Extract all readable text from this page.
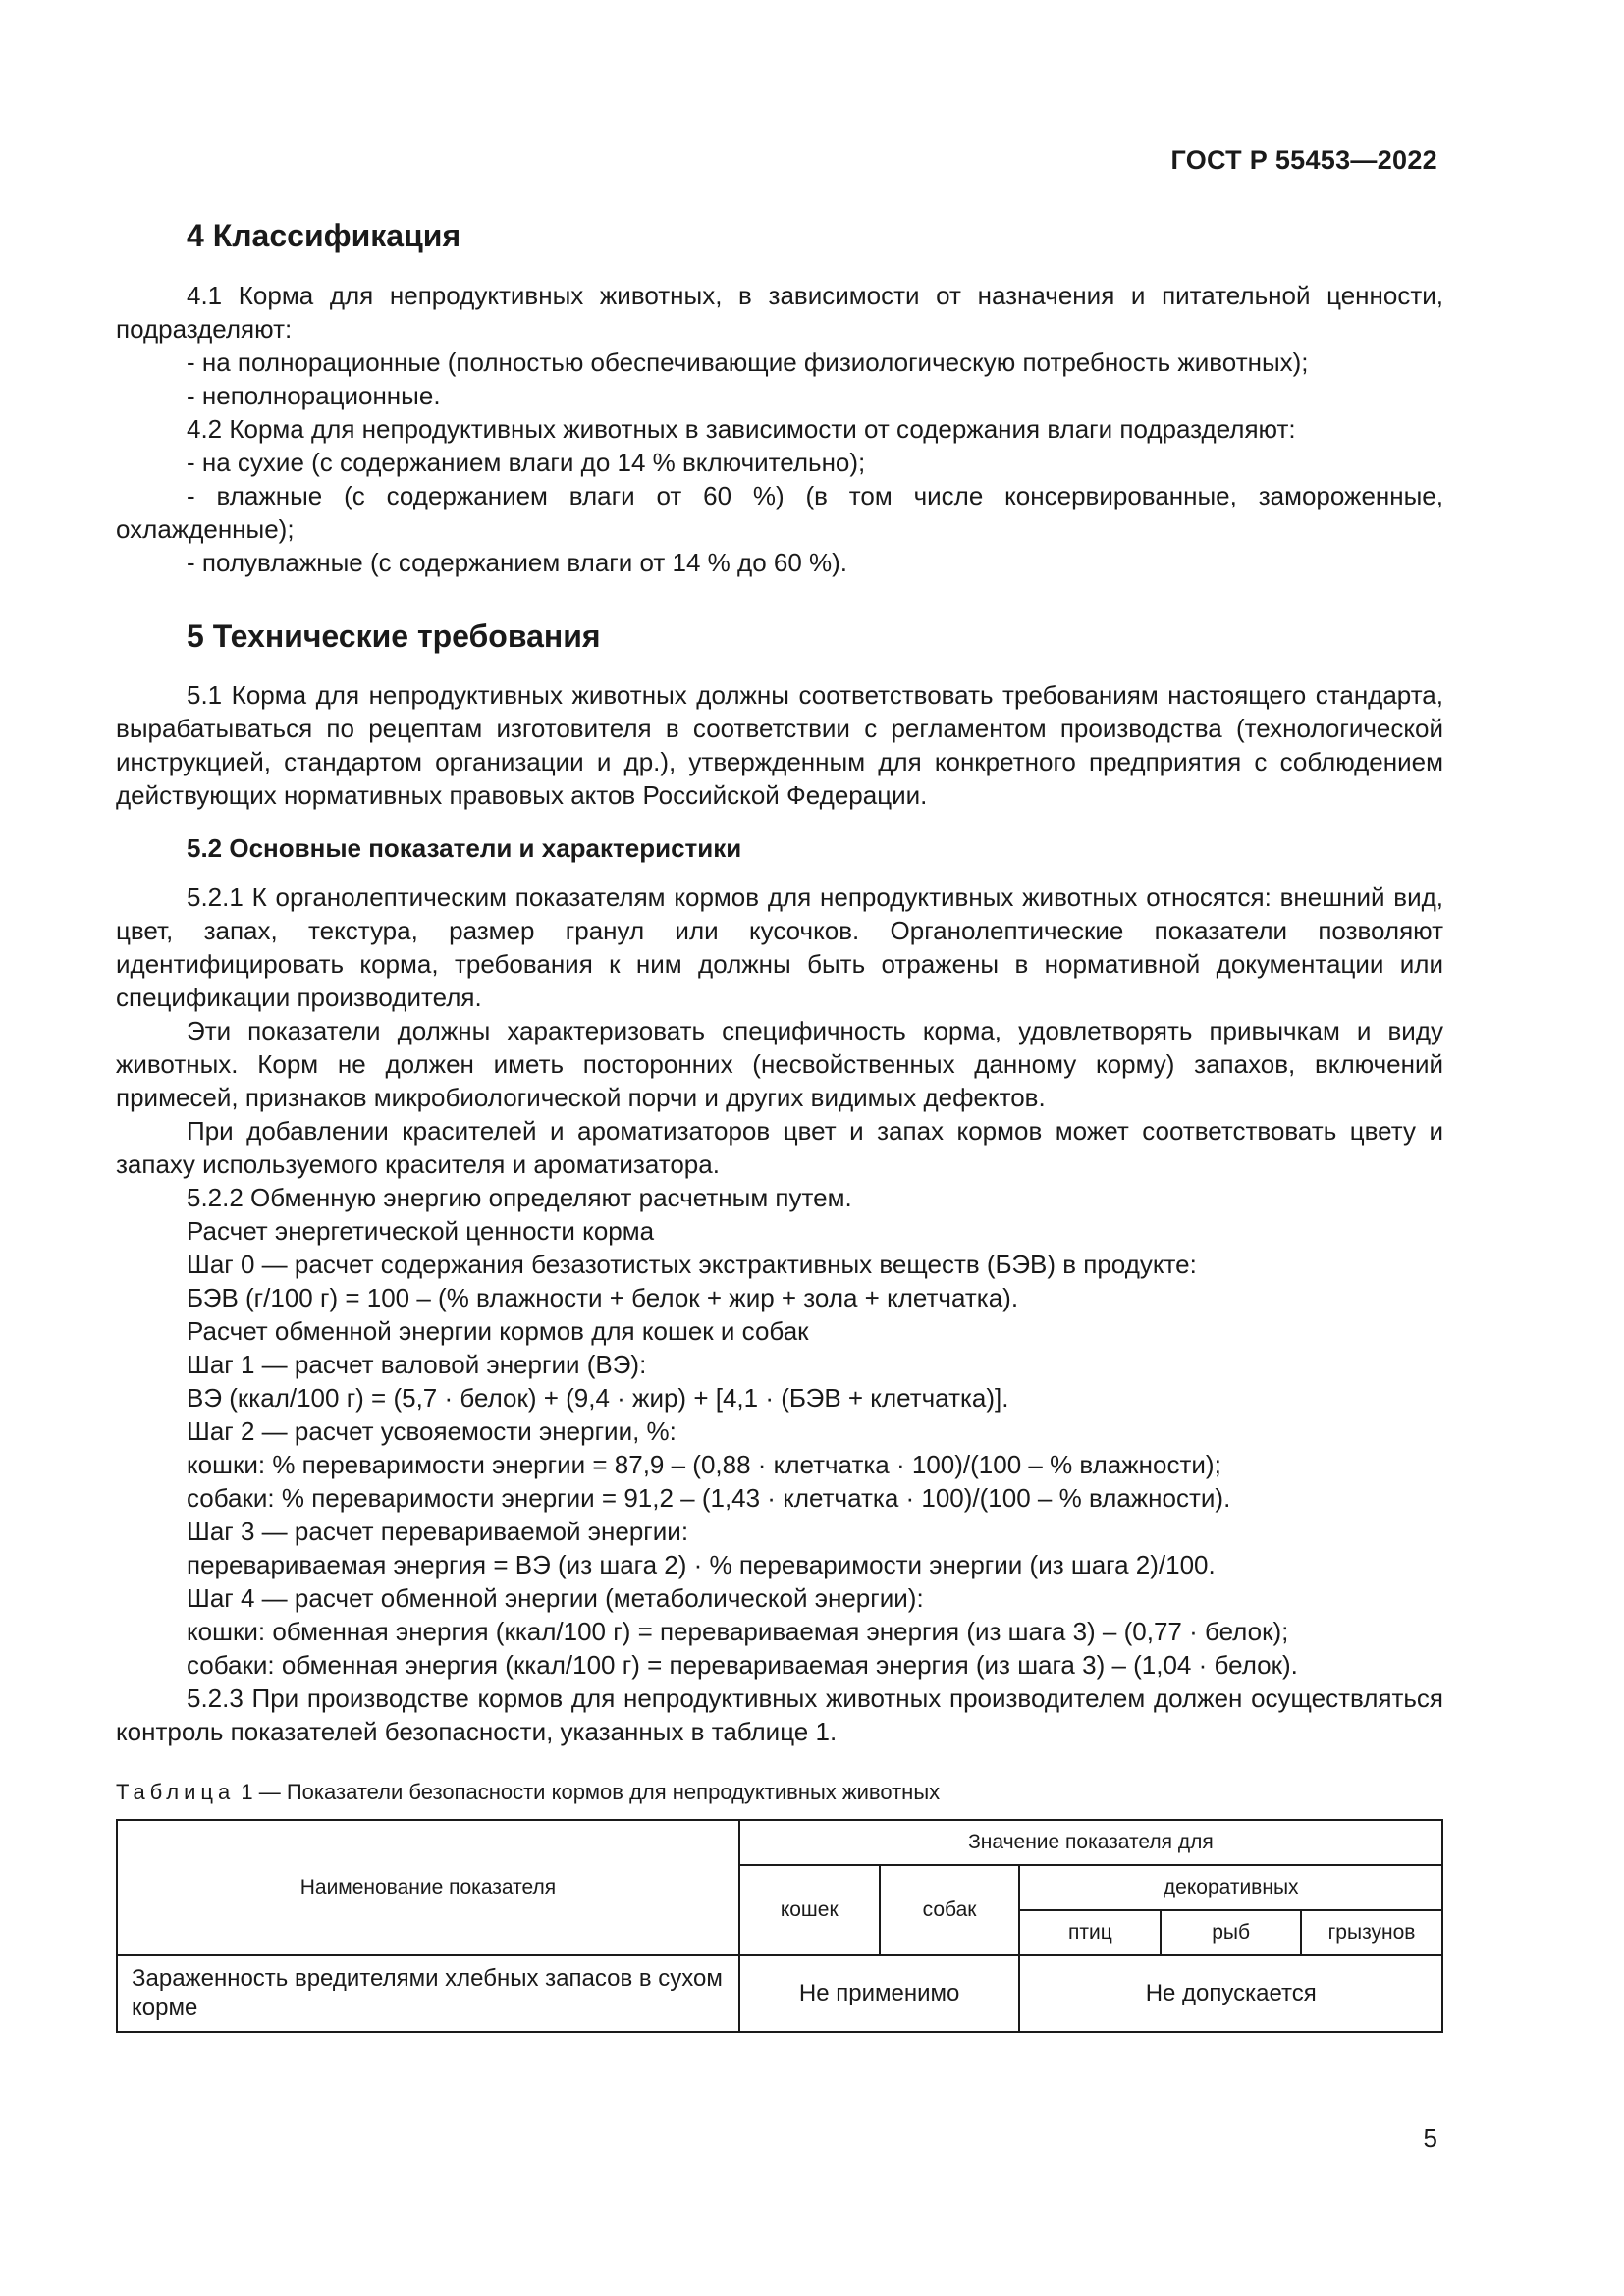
ГОСТ Р 55453—2022
4 Классификация

4.1 Корма для непродуктивных животных, в зависимости от назначения и питательной ценности, подразделяют:

- на полнорационные (полностью обеспечивающие физиологическую потребность животных);

- неполнорационные.

4.2 Корма для непродуктивных животных в зависимости от содержания влаги подразделяют:

- на сухие (с содержанием влаги до 14 % включительно);

- влажные (с содержанием влаги от 60 %) (в том числе консервированные, замороженные, охлажденные);

- полувлажные (с содержанием влаги от 14 % до 60 %).

5 Технические требования

5.1 Корма для непродуктивных животных должны соответствовать требованиям настоящего стандарта, вырабатываться по рецептам изготовителя в соответствии с регламентом производства (технологической инструкцией, стандартом организации и др.), утвержденным для конкретного предприятия с соблюдением действующих нормативных правовых актов Российской Федерации.

5.2 Основные показатели и характеристики

5.2.1 К органолептическим показателям кормов для непродуктивных животных относятся: внешний вид, цвет, запах, текстура, размер гранул или кусочков. Органолептические показатели позволяют идентифицировать корма, требования к ним должны быть отражены в нормативной документации или спецификации производителя.

Эти показатели должны характеризовать специфичность корма, удовлетворять привычкам и виду животных. Корм не должен иметь посторонних (несвойственных данному корму) запахов, включений примесей, признаков микробиологической порчи и других видимых дефектов.

При добавлении красителей и ароматизаторов цвет и запах кормов может соответствовать цвету и запаху используемого красителя и ароматизатора.

5.2.2 Обменную энергию определяют расчетным путем.

Расчет энергетической ценности корма

Шаг 0 — расчет содержания безазотистых экстрактивных веществ (БЭВ) в продукте:

БЭВ (г/100 г) = 100 – (% влажности + белок + жир + зола + клетчатка).

Расчет обменной энергии кормов для кошек и собак

Шаг 1 — расчет валовой энергии (ВЭ):

ВЭ (ккал/100 г) = (5,7 · белок) + (9,4 · жир) + [4,1 · (БЭВ + клетчатка)].

Шаг 2 — расчет усвояемости энергии, %:

кошки: % переваримости энергии = 87,9 – (0,88 · клетчатка · 100)/(100 – % влажности);

собаки: % переваримости энергии = 91,2 – (1,43 · клетчатка · 100)/(100 – % влажности).

Шаг 3 — расчет перевариваемой энергии:

перевариваемая энергия = ВЭ (из шага 2) · % переваримости энергии (из шага 2)/100.

Шаг 4 — расчет обменной энергии (метаболической энергии):

кошки: обменная энергия (ккал/100 г) = перевариваемая энергия (из шага 3) – (0,77 · белок);

собаки: обменная энергия (ккал/100 г) = перевариваемая энергия (из шага 3) – (1,04 · белок).

5.2.3 При производстве кормов для непродуктивных животных производителем должен осуществляться контроль показателей безопасности, указанных в таблице 1.

Таблица 1 — Показатели безопасности кормов для непродуктивных животных
Наименование показателя	Значение показателя для				
	кошек	собак	декоративных		
			птиц	рыб	грызунов
Зараженность вредителями хлебных запасов в сухом корме	Не применимо		Не допускается		
5
